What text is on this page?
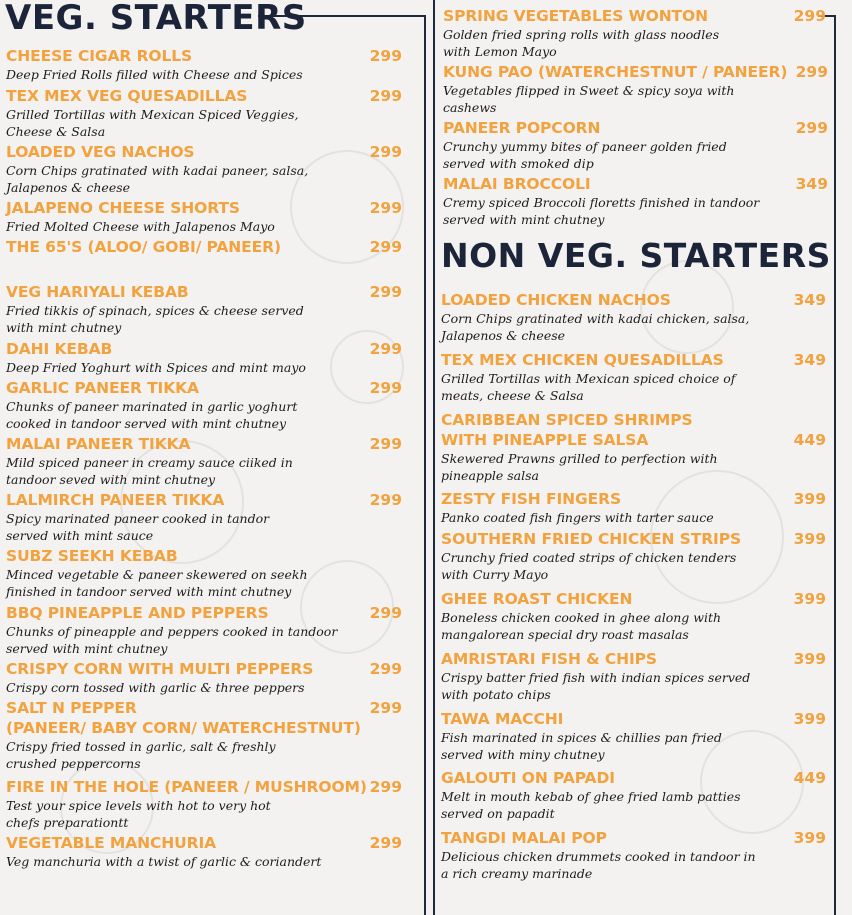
VEG. STARTERS
CHEESE CIGAR ROLLS	299
Deep Fried Rolls filled with Cheese and Spices
TEX MEX VEG QUESADILLAS	299
Grilled Tortillas with Mexican Spiced Veggies,
Cheese & Salsa
LOADED VEG NACHOS	299
Corn Chips gratinated with kadai paneer, salsa,
Jalapenos & cheese
JALAPENO CHEESE SHORTS	299
Fried Molted Cheese with Jalapenos Mayo
THE 65'S (ALOO/ GOBI/ PANEER)	299
VEG HARIYALI KEBAB	299
Fried tikkis of spinach, spices & cheese served
with mint chutney
DAHI KEBAB	299
Deep Fried Yoghurt with Spices and mint mayo
GARLIC PANEER TIKKA	299
Chunks of paneer marinated in garlic yoghurt
cooked in tandoor served with mint chutney
MALAI PANEER TIKKA	299
Mild spiced paneer in creamy sauce ciiked in
tandoor seved with mint chutney
LALMIRCH PANEER TIKKA	299
Spicy marinated paneer cooked in tandor
served with mint sauce
SUBZ SEEKH KEBAB
Minced vegetable & paneer skewered on seekh
finished in tandoor served with mint chutney
BBQ PINEAPPLE AND PEPPERS	299
Chunks of pineapple and peppers cooked in tandoor
served with mint chutney
CRISPY CORN WITH MULTI PEPPERS	299
Crispy corn tossed with garlic & three peppers
SALT N PEPPER
(PANEER/ BABY CORN/ WATERCHESTNUT)
299
Crispy fried tossed in garlic, salt & freshly
crushed peppercorns
FIRE IN THE HOLE (PANEER / MUSHROOM) 299
Test your spice levels with hot to very hot
chefs preparationtt
VEGETABLE MANCHURIA	299
Veg manchuria with a twist of garlic & coriandert
SPRING VEGETABLES WONTON	299
Golden fried spring rolls with glass noodles
with Lemon Mayo
KUNG PAO (WATERCHESTNUT / PANEER) 299
Vegetables flipped in Sweet & spicy soya with
cashews
PANEER POPCORN	299
Crunchy yummy bites of paneer golden fried
served with smoked dip
MALAI BROCCOLI	349
Cremy spiced Broccoli floretts finished in tandoor
served with mint chutney
NON VEG. STARTERS
LOADED CHICKEN NACHOS	349
Corn Chips gratinated with kadai chicken, salsa,
Jalapenos & cheese
TEX MEX CHICKEN QUESADILLAS	349
Grilled Tortillas with Mexican spiced choice of
meats, cheese & Salsa
CARIBBEAN SPICED SHRIMPS
WITH PINEAPPLE SALSA	449
Skewered Prawns grilled to perfection with
pineapple salsa
ZESTY FISH FINGERS	399
Panko coated fish fingers with tarter sauce
SOUTHERN FRIED CHICKEN STRIPS	399
Crunchy fried coated strips of chicken tenders
with Curry Mayo
GHEE ROAST CHICKEN	399
Boneless chicken cooked in ghee along with
mangalorean special dry roast masalas
AMRISTARI FISH & CHIPS	399
Crispy batter fried fish with indian spices served
with potato chips
TAWA MACCHI	399
Fish marinated in spices & chillies pan fried
served with miny chutney
GALOUTI ON PAPADI	449
Melt in mouth kebab of ghee fried lamb patties
served on papadit
TANGDI MALAI POP	399
Delicious chicken drummets cooked in tandoor in
a rich creamy marinade
